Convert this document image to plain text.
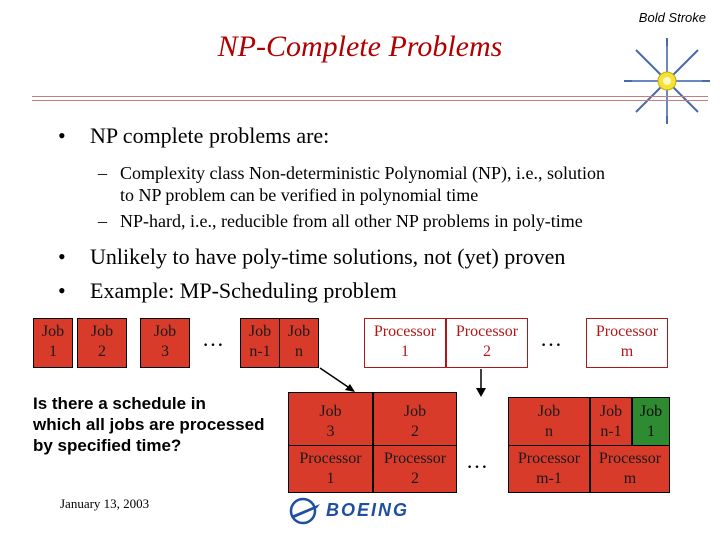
Bold Stroke
NP-Complete Problems
• NP complete problems are:
– Complexity class Non-deterministic Polynomial (NP), i.e., solution
to NP problem can be verified in polynomial time
– NP-hard, i.e., reducible from all other NP problems in poly-time
• Unlikely to have poly-time solutions, not (yet) proven
• Example: MP-Scheduling problem
Job
1
Job
2
Job
3
…	Job
n-1
Job
n
Processor
1
Processor
2
…	Processor
m
Is there a schedule in
which all jobs are processed
by specified time?
Job
3
Job
2
Processor
1
Processor
2
…
Job
n
Job
n-1
Job
1
Processor
m-1
Processor
m
January 13, 2003	BOEING
